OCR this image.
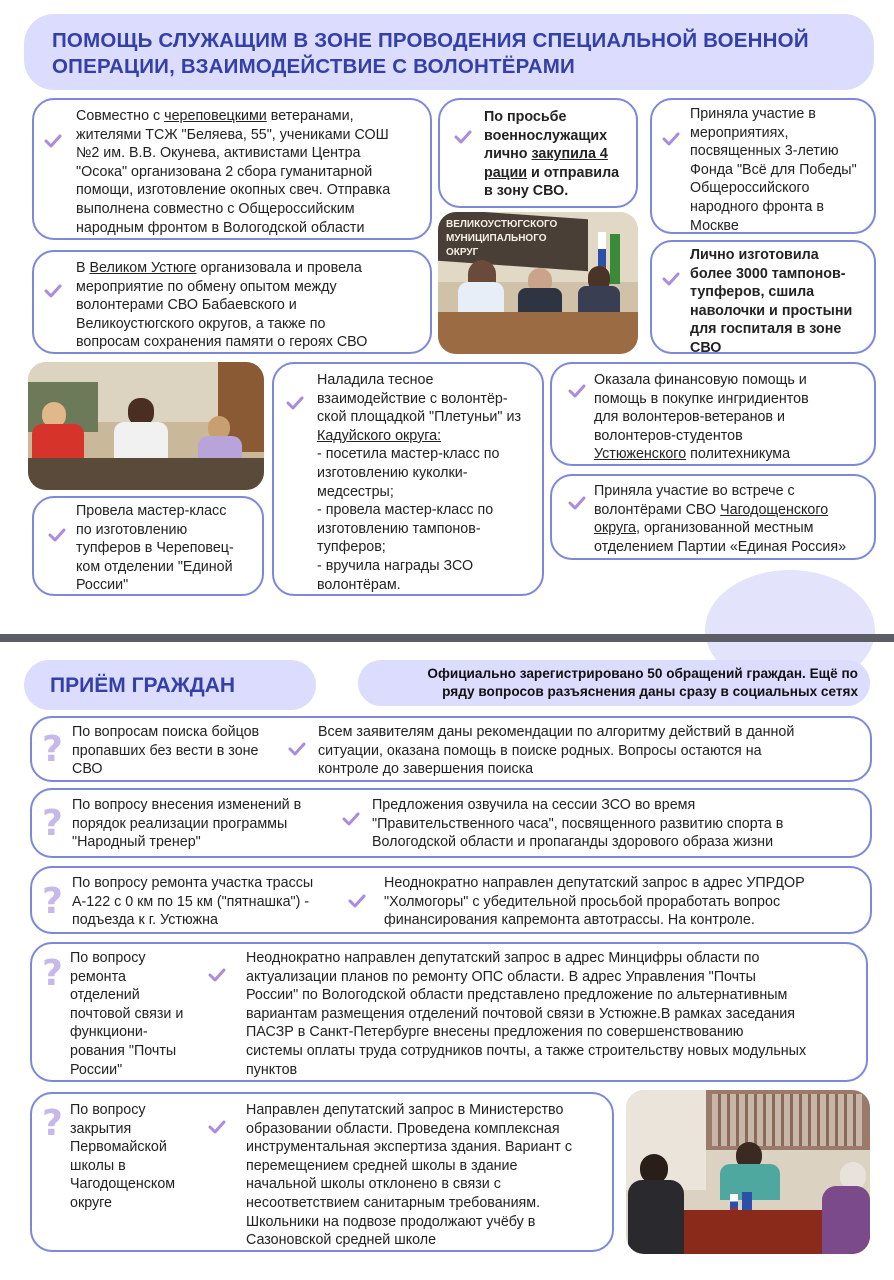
ПОМОЩЬ СЛУЖАЩИМ В ЗОНЕ ПРОВОДЕНИЯ СПЕЦИАЛЬНОЙ ВОЕННОЙ
ОПЕРАЦИИ, ВЗАИМОДЕЙСТВИЕ С ВОЛОНТЁРАМИ
Совместно с череповецкими ветеранами,
жителями ТСЖ "Беляева, 55", учениками СОШ
№2 им. В.В. Окунева, активистами Центра
"Осока" организована 2 сбора гуманитарной
помощи, изготовление окопных свеч. Отправка
выполнена совместно с Общероссийским
народным фронтом в Вологодской области
По просьбе
военнослужащих
лично закупила 4
рации и отправила
в зону СВО.
Приняла участие в
мероприятиях,
посвященных 3-летию
Фонда "Всё для Победы"
Общероссийского
народного фронта в
Москве
ВЕЛИКОУСТЮГСКОГО
МУНИЦИПАЛЬНОГО
ОКРУГ
В Великом Устюге организовала и провела
мероприятие по обмену опытом между
волонтерами СВО Бабаевского и
Великоустюгского округов, а также по
вопросам сохранения памяти о героях СВО
Лично изготовила
более 3000 тампонов-
тупферов, сшила
наволочки и простыни
для госпиталя в зоне
СВО
Наладила тесное
взаимодействие с волонтёр-
ской площадкой "Плетуньи" из
Кадуйского округа:
- посетила мастер-класс по
изготовлению куколки-
медсестры;
- провела мастер-класс по
изготовлению тампонов-
тупферов;
- вручила награды ЗСО
волонтёрам.
Оказала финансовую помощь и
помощь в покупке ингридиентов
для волонтеров-ветеранов и
волонтеров-студентов
Устюженского политехникума
Провела мастер-класс
по изготовлению
тупферов в Череповец-
ком отделении "Единой
России"
Приняла участие во встрече с
волонтёрами СВО Чагодощенского
округа, организованной местным
отделением Партии «Единая Россия»
ПРИЁМ ГРАЖДАН
Официально зарегистрировано 50 обращений граждан. Ещё по
ряду вопросов разъяснения даны сразу в социальных сетях
? По вопросам поиска бойцов
пропавших без вести в зоне
СВО
Всем заявителям даны рекомендации по алгоритму действий в данной
ситуации, оказана помощь в поиске родных. Вопросы остаются на
контроле до завершения поиска
? По вопросу внесения изменений в
порядок реализации программы
"Народный тренер"
Предложения озвучила на сессии ЗСО во время
"Правительственного часа", посвященного развитию спорта в
Вологодской области и пропаганды здорового образа жизни
? По вопросу ремонта участка трассы
А-122 с 0 км по 15 км ("пятнашка") -
подъезда к г. Устюжна
Неоднократно направлен депутатский запрос в адрес УПРДОР
"Холмогоры" с убедительной просьбой проработать вопрос
финансирования капремонта автотрассы. На контроле.
? По вопросу
ремонта
отделений
почтовой связи и
функциони-
рования "Почты
России"
Неоднократно направлен депутатский запрос в адрес Минцифры области по
актуализации планов по ремонту ОПС области. В адрес Управления "Почты
России" по Вологодской области представлено предложение по альтернативным
вариантам размещения отделений почтовой связи в Устюжне.В рамках заседания
ПАСЗР в Санкт-Петербурге внесены предложения по совершенствованию
системы оплаты труда сотрудников почты, а также строительству новых модульных
пунктов
? По вопросу
закрытия
Первомайской
школы в
Чагодощенском
округе
Направлен депутатский запрос в Министерство
образовании области. Проведена комплексная
инструментальная экспертиза здания. Вариант с
перемещением средней школы в здание
начальной школы отклонено в связи с
несоответствием санитарным требованиям.
Школьники на подвозе продолжают учёбу в
Сазоновской средней школе
